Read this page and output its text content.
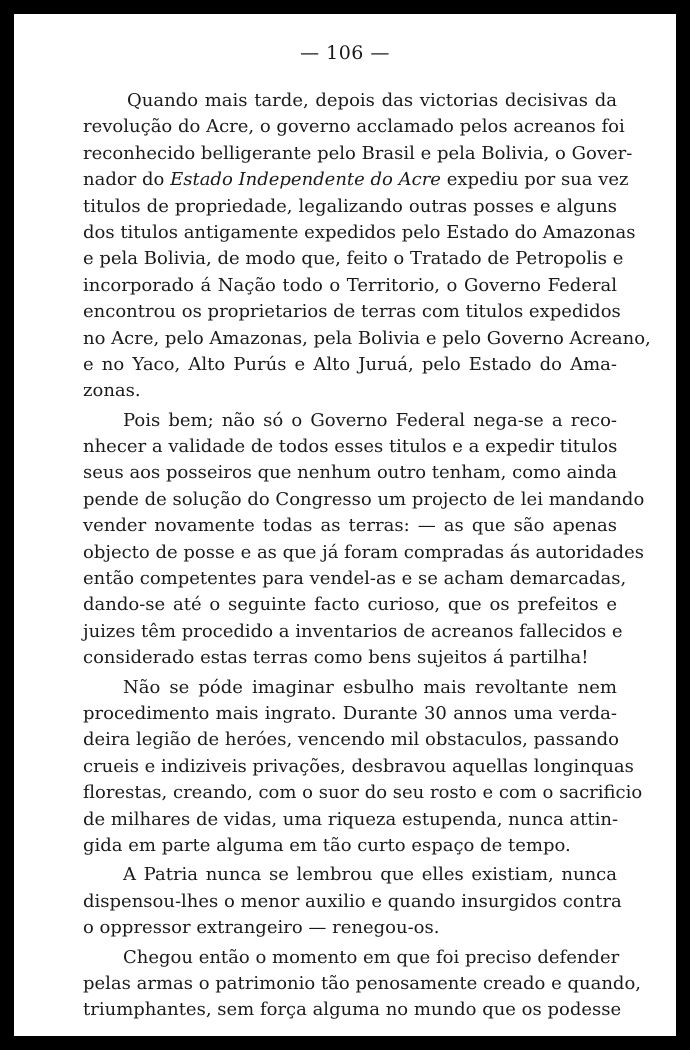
— 106 —
Quando mais tarde, depois das victorias decisivas da
revolução do Acre, o governo acclamado pelos acreanos foi
reconhecido belligerante pelo Brasil e pela Bolivia, o Gover-
nador do Estado Independente do Acre expediu por sua vez
titulos de propriedade, legalizando outras posses e alguns
dos titulos antigamente expedidos pelo Estado do Amazonas
e pela Bolivia, de modo que, feito o Tratado de Petropolis e
incorporado á Nação todo o Territorio, o Governo Federal
encontrou os proprietarios de terras com titulos expedidos
no Acre, pelo Amazonas, pela Bolivia e pelo Governo Acreano,
e no Yaco, Alto Purús e Alto Juruá, pelo Estado do Ama-
zonas.
Pois bem; não só o Governo Federal nega-se a reco-
nhecer a validade de todos esses titulos e a expedir titulos
seus aos posseiros que nenhum outro tenham, como ainda
pende de solução do Congresso um projecto de lei mandando
vender novamente todas as terras: — as que são apenas
objecto de posse e as que já foram compradas ás autoridades
então competentes para vendel-as e se acham demarcadas,
dando-se até o seguinte facto curioso, que os prefeitos e
juizes têm procedido a inventarios de acreanos fallecidos e
considerado estas terras como bens sujeitos á partilha!
Não se póde imaginar esbulho mais revoltante nem
procedimento mais ingrato. Durante 30 annos uma verda-
deira legião de heróes, vencendo mil obstaculos, passando
crueis e indiziveis privações, desbravou aquellas longinquas
florestas, creando, com o suor do seu rosto e com o sacrificio
de milhares de vidas, uma riqueza estupenda, nunca attin-
gida em parte alguma em tão curto espaço de tempo.
A Patria nunca se lembrou que elles existiam, nunca
dispensou-lhes o menor auxilio e quando insurgidos contra
o oppressor extrangeiro — renegou-os.
Chegou então o momento em que foi preciso defender
pelas armas o patrimonio tão penosamente creado e quando,
triumphantes, sem força alguma no mundo que os podesse
